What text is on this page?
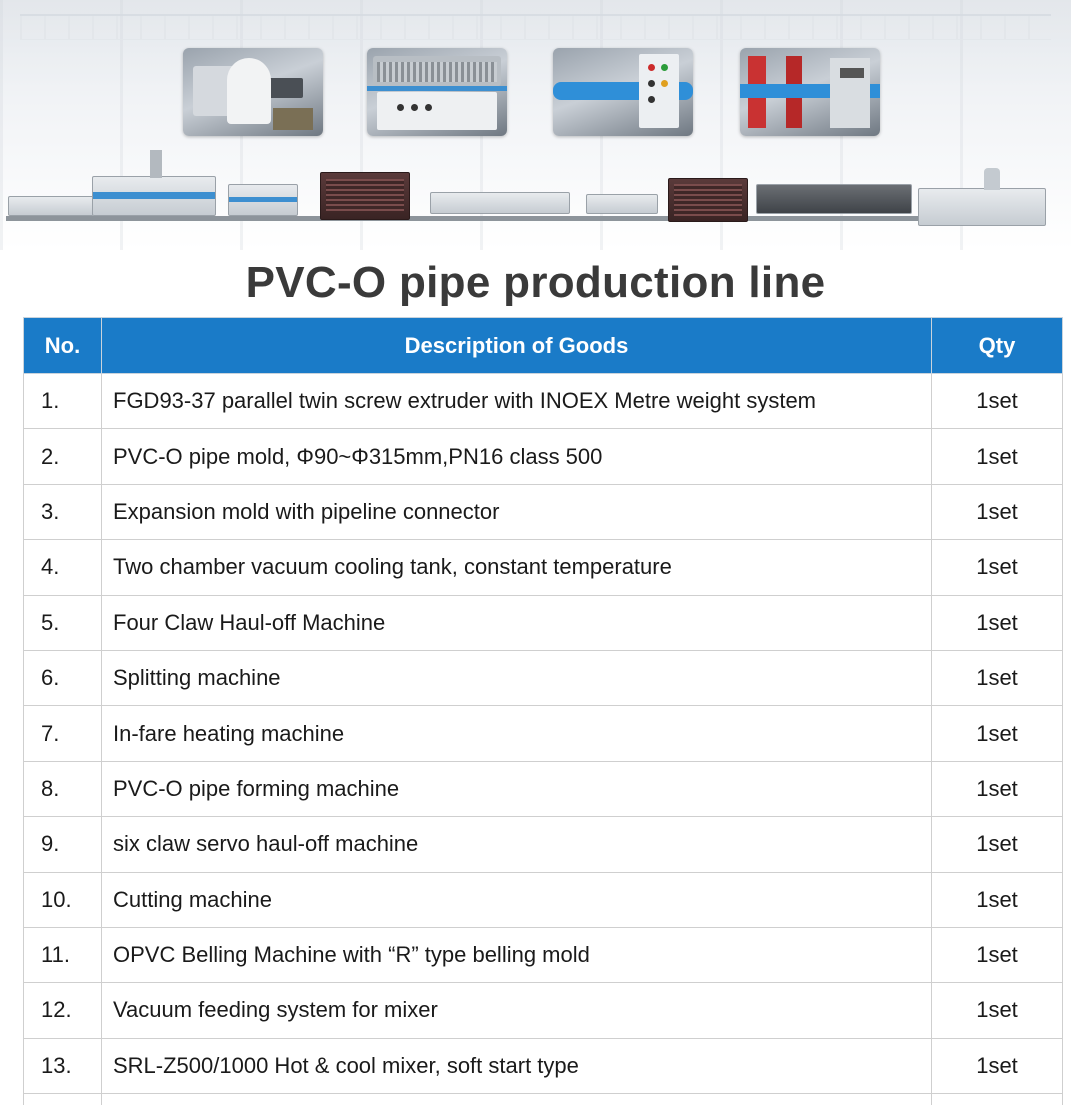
PVC-O pipe production line
No.	Description of Goods	Qty
1.	FGD93-37 parallel twin screw extruder with INOEX Metre weight system	1set
2.	PVC-O pipe mold, Φ90~Φ315mm,PN16 class 500	1set
3.	Expansion mold with pipeline connector	1set
4.	Two chamber vacuum cooling tank, constant temperature	1set
5.	Four Claw Haul-off Machine	1set
6.	Splitting machine	1set
7.	In-fare heating machine	1set
8.	PVC-O pipe forming machine	1set
9.	six claw servo haul-off machine	1set
10.	Cutting machine	1set
11.	OPVC Belling Machine with “R” type belling mold	1set
12.	Vacuum feeding system for mixer	1set
13.	SRL-Z500/1000 Hot & cool mixer, soft start type	1set
